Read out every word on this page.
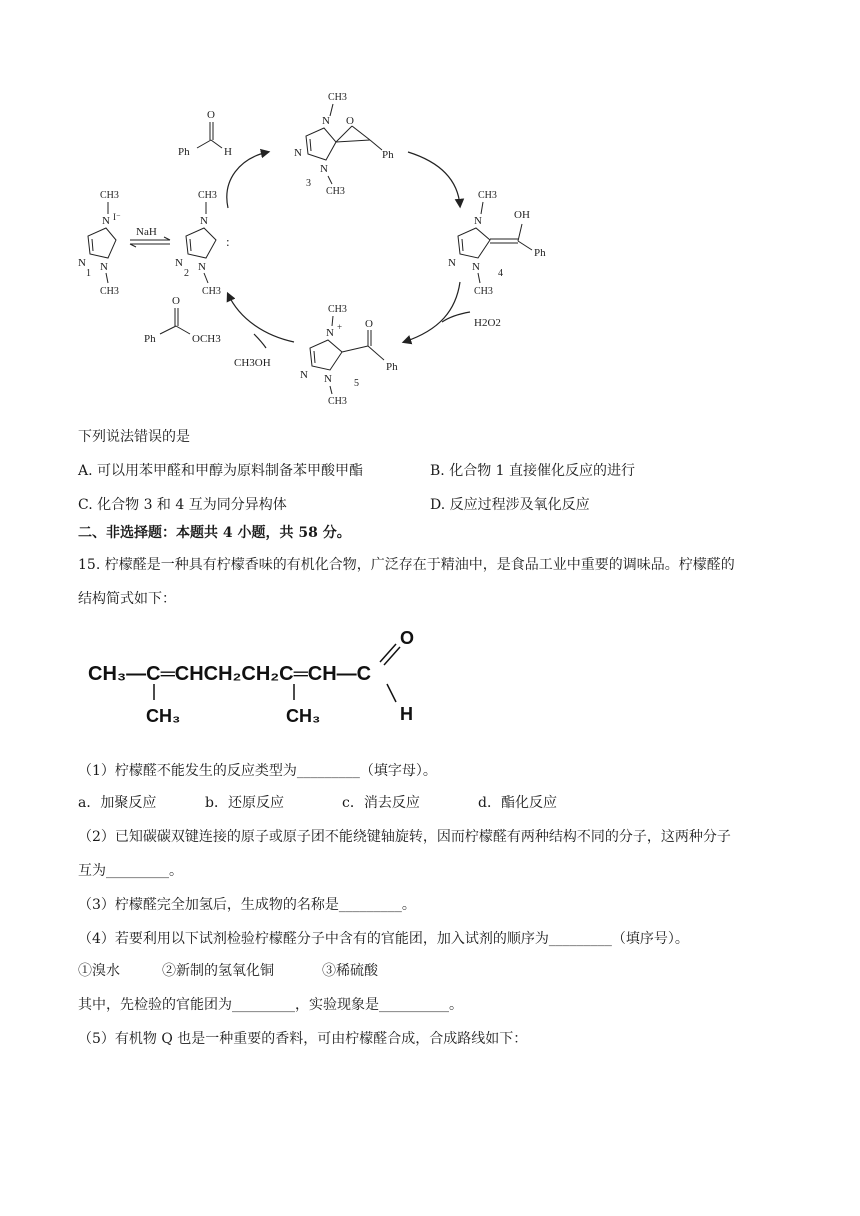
O
Ph	H
CH3
N I⁻
N N
CH3
1
NaH
CH3
N
N N
:
CH3
2
CH3
N
N
N
O
Ph
CH3
3
CH3
N
N N
OH
Ph
CH3
4
H2O2
CH3
N +
N N
O
Ph
CH3
5
O
Ph	OCH3
CH3OH
下列说法错误的是
A. 可以用苯甲醛和甲醇为原料制备苯甲酸甲酯	B. 化合物 1 直接催化反应的进行
C. 化合物 3 和 4 互为同分异构体	D. 反应过程涉及氧化反应
二、非选择题：本题共 4 小题，共 58 分。
15. 柠檬醛是一种具有柠檬香味的有机化合物，广泛存在于精油中，是食品工业中重要的调味品。柠檬醛的
结构简式如下：
CH₃—C═CHCH₂CH₂C═CH—C
CH₃	CH₃
O
H
（1）柠檬醛不能发生的反应类型为_________（填字母）。
a．加聚反应	b．还原反应	c．消去反应	d．酯化反应
（2）已知碳碳双键连接的原子或原子团不能绕键轴旋转，因而柠檬醛有两种结构不同的分子，这两种分子
互为_________。
（3）柠檬醛完全加氢后，生成物的名称是_________。
（4）若要利用以下试剂检验柠檬醛分子中含有的官能团，加入试剂的顺序为_________（填序号）。
①溴水	②新制的氢氧化铜	③稀硫酸
其中，先检验的官能团为_________，实验现象是__________。
（5）有机物 Q 也是一种重要的香料，可由柠檬醛合成，合成路线如下：
